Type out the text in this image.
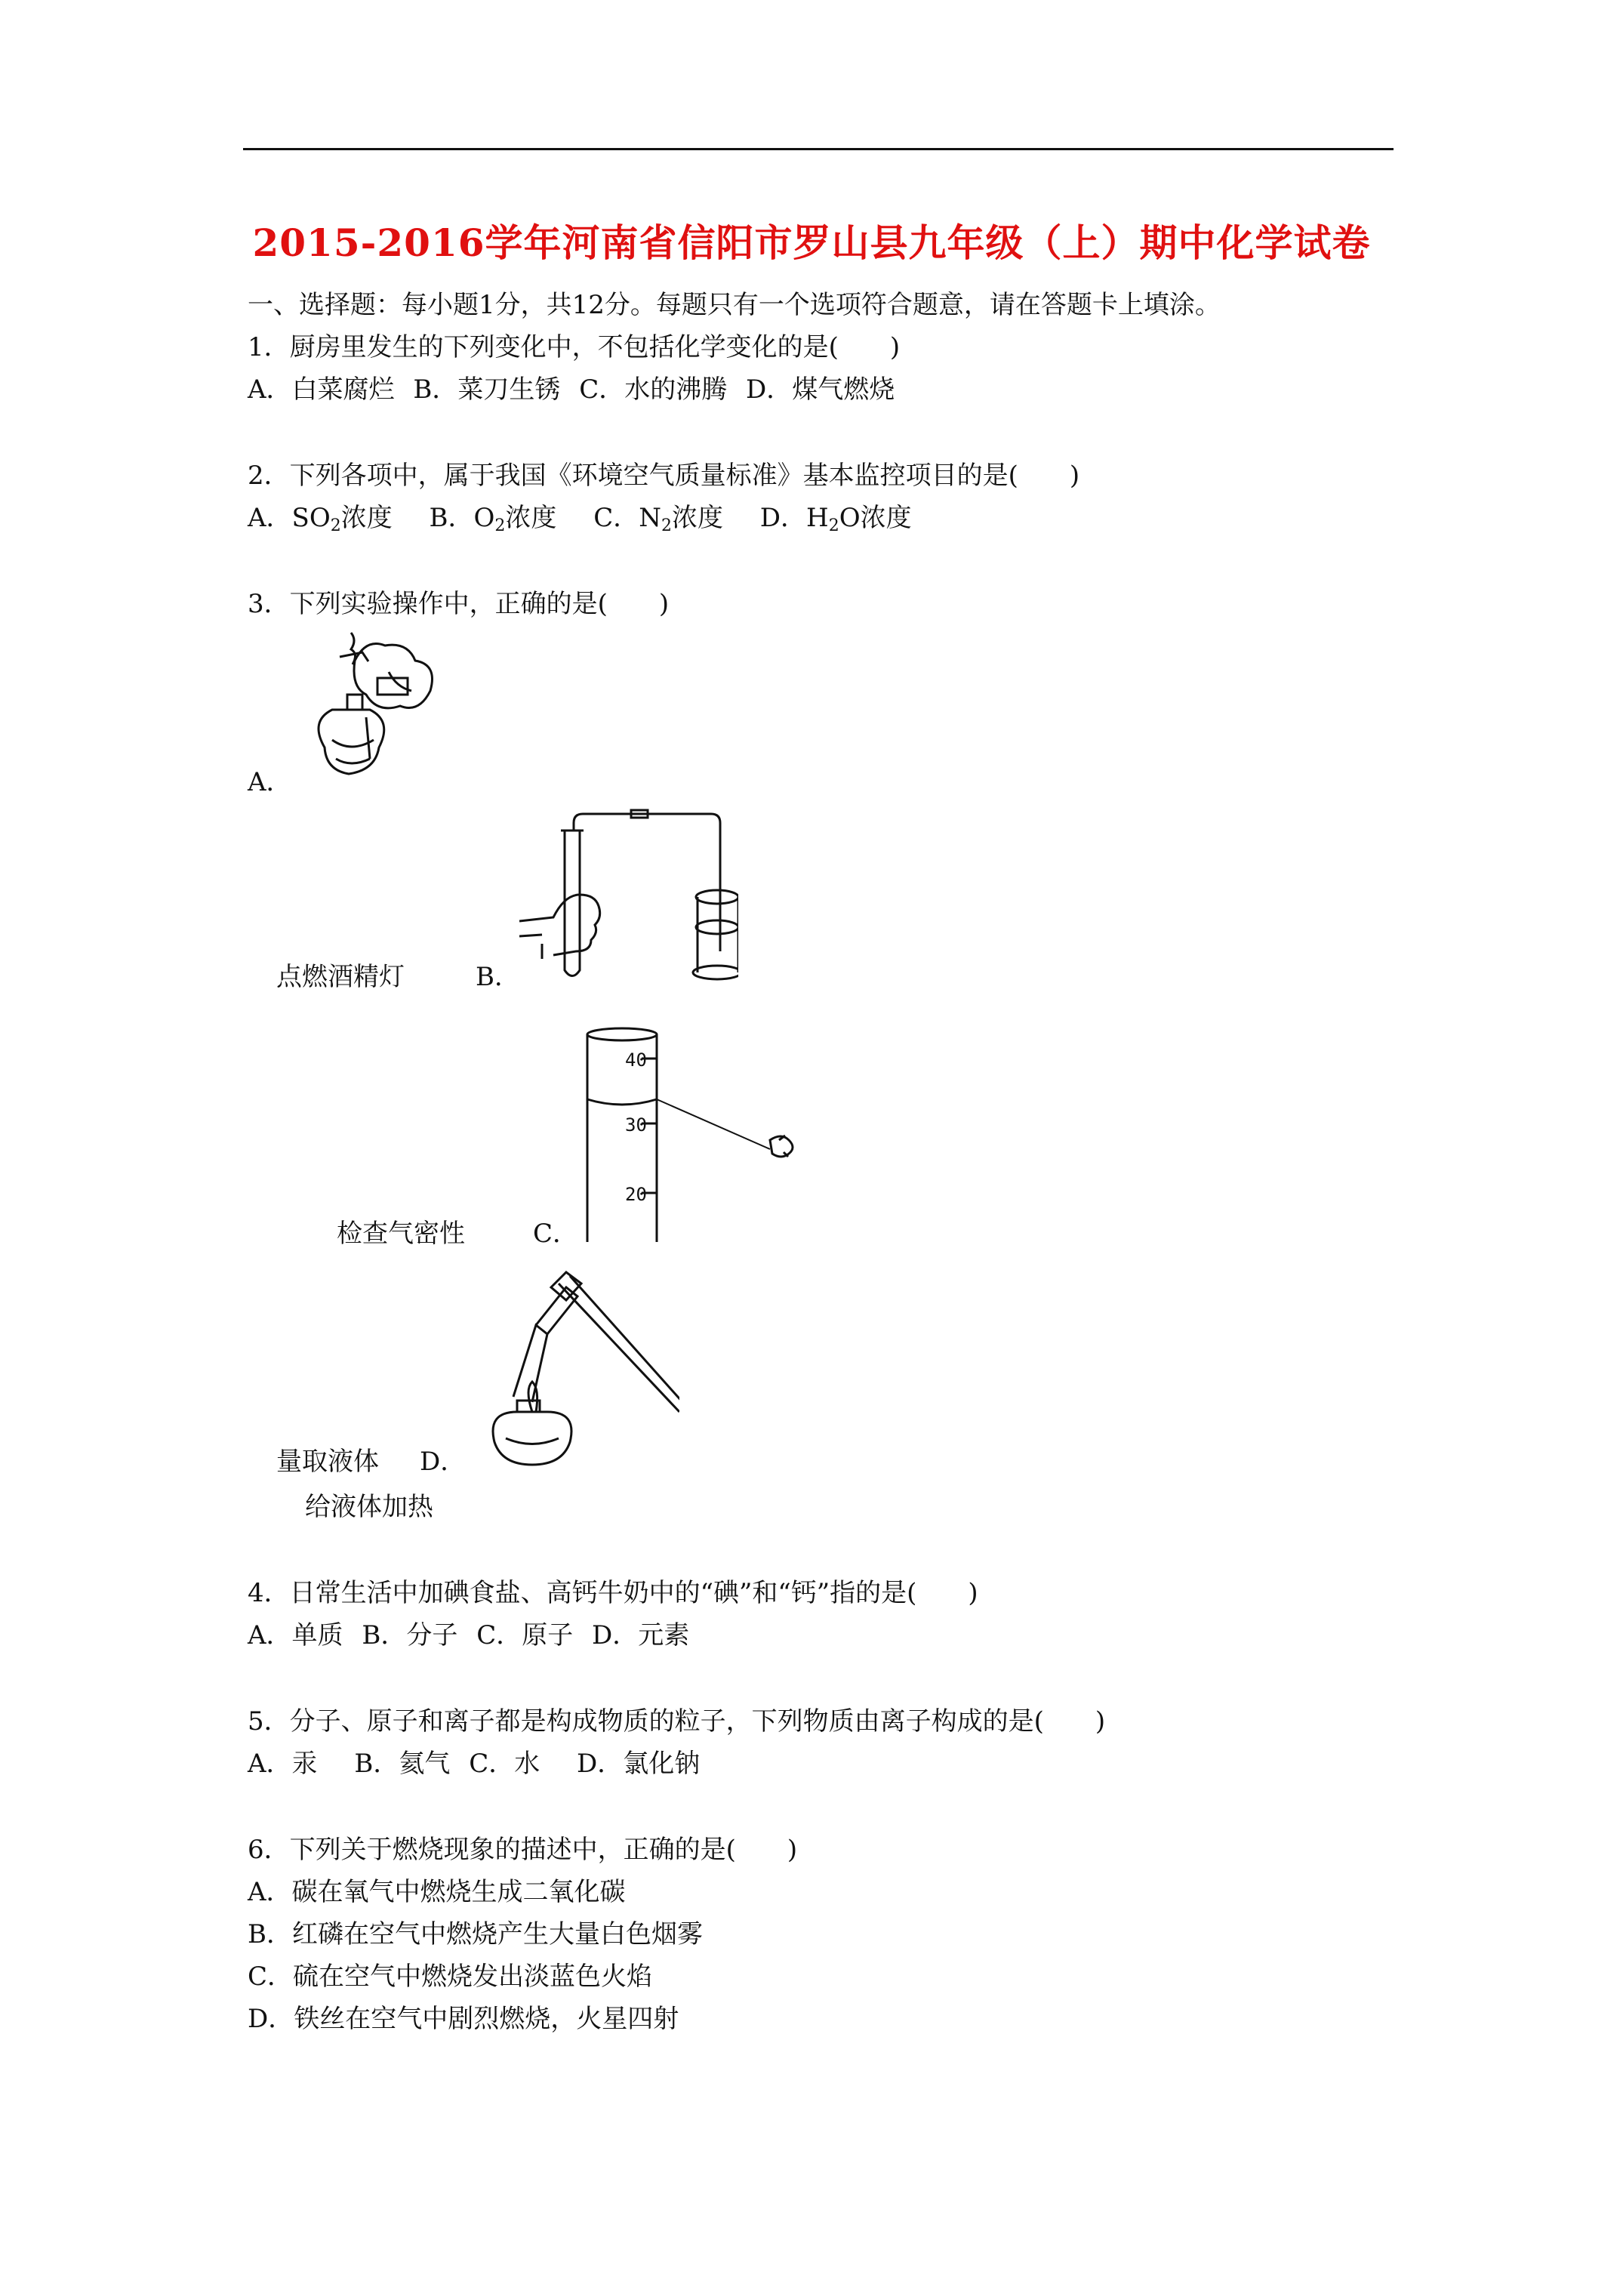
2015-2016学年河南省信阳市罗山县九年级（上）期中化学试卷
一、选择题：每小题1分，共12分。每题只有一个选项符合题意，请在答题卡上填涂。
1．厨房里发生的下列变化中，不包括化学变化的是(　　)
A．白菜腐烂 B．菜刀生锈 C．水的沸腾 D．煤气燃烧
2．下列各项中，属于我国《环境空气质量标准》基本监控项目的是(　　)
A．$SO_2$浓度 B．$O_2$浓度 C．$N_2$浓度 D．$H_2O$浓度
3．下列实验操作中，正确的是(　　)
A．
点燃酒精灯	B．
40
30
20
检查气密性	C．
量取液体 D．
给液体加热
4．日常生活中加碘食盐、高钙牛奶中的“碘”和“钙”指的是(　　)
A．单质 B．分子 C．原子 D．元素
5．分子、原子和离子都是构成物质的粒子，下列物质由离子构成的是(　　)
A．汞 B．氦气 C．水 D．氯化钠
6．下列关于燃烧现象的描述中，正确的是(　　)
A．碳在氧气中燃烧生成二氧化碳
B．红磷在空气中燃烧产生大量白色烟雾
C．硫在空气中燃烧发出淡蓝色火焰
D．铁丝在空气中剧烈燃烧，火星四射
